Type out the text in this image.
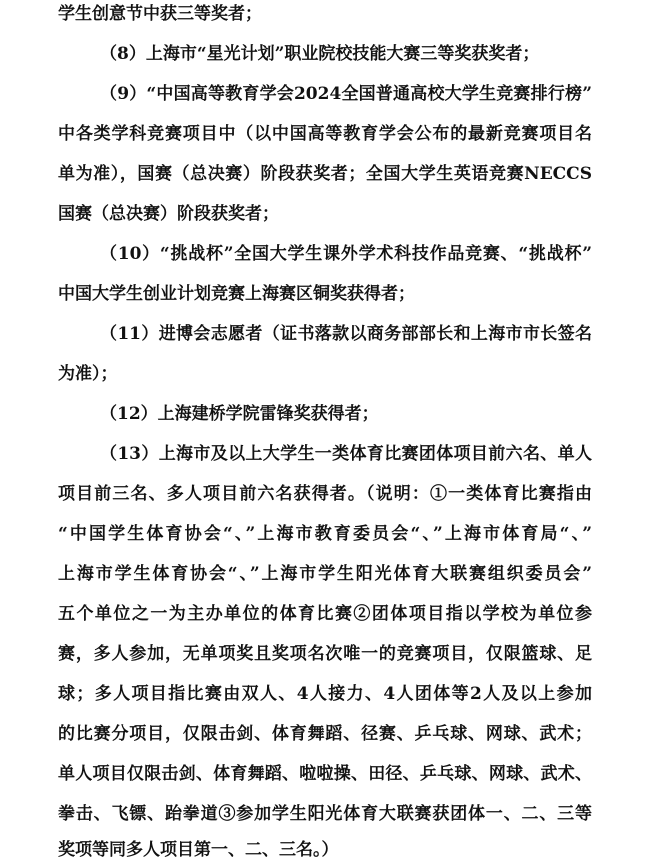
学生创意节中获三等奖者；
（8）上海市“星光计划”职业院校技能大赛三等奖获奖者；
（9）“中国高等教育学会2024全国普通高校大学生竞赛排行榜”
中各类学科竞赛项目中（以中国高等教育学会公布的最新竞赛项目名
单为准），国赛（总决赛）阶段获奖者；全国大学生英语竞赛NECCS
国赛（总决赛）阶段获奖者；
（10）“挑战杯”全国大学生课外学术科技作品竞赛、“挑战杯”
中国大学生创业计划竞赛上海赛区铜奖获得者；
（11）进博会志愿者（证书落款以商务部部长和上海市市长签名
为准）；
（12）上海建桥学院雷锋奖获得者；
（13）上海市及以上大学生一类体育比赛团体项目前六名、单人
项目前三名、多人项目前六名获得者。（说明：①一类体育比赛指由
“中国学生体育协会“、”上海市教育委员会“、”上海市体育局“、”
上海市学生体育协会“、”上海市学生阳光体育大联赛组织委员会”
五个单位之一为主办单位的体育比赛②团体项目指以学校为单位参
赛，多人参加，无单项奖且奖项名次唯一的竞赛项目，仅限篮球、足
球；多人项目指比赛由双人、4人接力、4人团体等2人及以上参加
的比赛分项目，仅限击剑、体育舞蹈、径赛、乒乓球、网球、武术；
单人项目仅限击剑、体育舞蹈、啦啦操、田径、乒乓球、网球、武术、
拳击、飞镖、跆拳道③参加学生阳光体育大联赛获团体一、二、三等
奖项等同多人项目第一、二、三名。）
